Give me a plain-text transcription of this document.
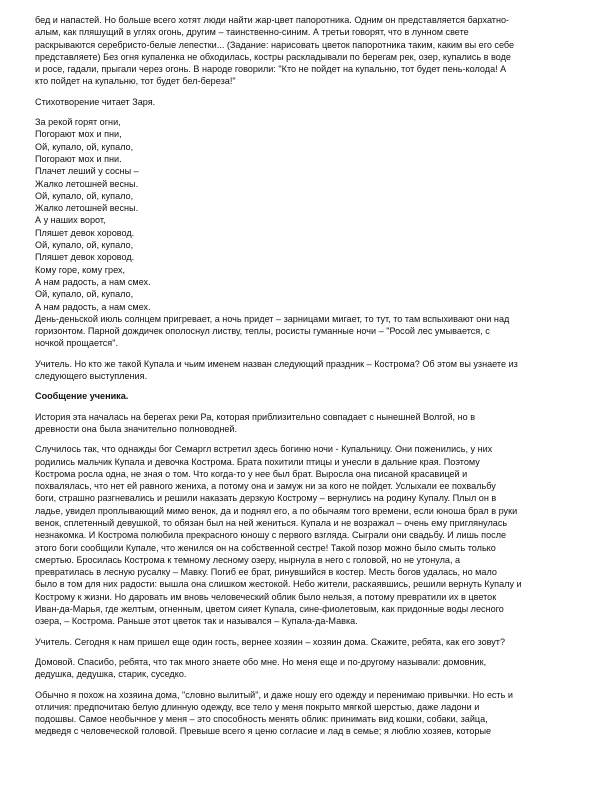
бед и напастей. Но больше всего хотят люди найти жар-цвет папоротника. Одним он представляется бархатно-
алым, как пляшущий в углях огонь, другим – таинственно-синим. А третьи говорят, что в лунном свете
раскрываются серебристо-белые лепестки... (Задание: нарисовать цветок папоротника таким, каким вы его себе
представляете) Без огня купаленка не обходилась, костры раскладывали по берегам рек, озер, купались в воде
и росе, гадали, прыгали через огонь. В народе говорили: "Кто не пойдет на купальню, тот будет пень-колода! А
кто пойдет на купальню, тот будет бел-береза!"

Стихотворение читает Заря.

За рекой горят огни,
Погорают мох и пни,
Ой, купало, ой, купало,
Погорают мох и пни.
Плачет леший у сосны –
Жалко летошней весны.
Ой, купало, ой, купало,
Жалко летошней весны.
А у наших ворот,
Пляшет девок хоровод.
Ой, купало, ой, купало,
Пляшет девок хоровод.
Кому горе, кому грех,
А нам радость, а нам смех.
Ой, купало, ой, купало,
А нам радость, а нам смех.

День-деньской июль солнцем пригревает, а ночь придет – зарницами мигает, то тут, то там вспыхивают они над
горизонтом. Парной дождичек ополоснул листву, теплы, росисты гуманные ночи – "Росой лес умывается, с
ночкой прощается".

Учитель. Но кто же такой Купала и чьим именем назван следующий праздник – Кострома? Об этом вы узнаете из
следующего выступления.

Сообщение ученика.

История эта началась на берегах реки Ра, которая приблизительно совпадает с нынешней Волгой, но в
древности она была значительно полноводней.

Случилось так, что однажды бог Семаргл встретил здесь богиню ночи - Купальницу. Они поженились, у них
родились мальчик Купала и девочка Кострома. Брата похитили птицы и унесли в дальние края. Поэтому
Кострома росла одна, не зная о том. Что когда-то у нее был брат. Выросла она писаной красавицей и
похвалялась, что нет ей равного жениха, а потому она и замуж ни за кого не пойдет. Услыхали ее похвальбу
боги, страшно разгневались и решили наказать дерзкую Кострому – вернулись на родину Купалу. Плыл он в
ладье, увидел проплывающий мимо венок, да и поднял его, а по обычаям того времени, если юноша брал в руки
венок, сплетенный девушкой, то обязан был на ней жениться. Купала и не возражал – очень ему приглянулась
незнакомка. И Кострома полюбила прекрасного юношу с первого взгляда. Сыграли они свадьбу. И лишь после
этого боги сообщили Купале, что женился он на собственной сестре! Такой позор можно было смыть только
смертью. Бросилась Кострома к темному лесному озеру, нырнула в него с головой, но не утонула, а
превратилась в лесную русалку – Мавку. Погиб ее брат, ринувшийся в костер. Месть богов удалась, но мало
было в том для них радости: вышла она слишком жестокой. Небо жители, раскаявшись, решили вернуть Купалу и
Кострому к жизни. Но даровать им вновь человеческий облик было нельзя, а потому превратили их в цветок
Иван-да-Марья, где желтым, огненным, цветом сияет Купала, сине-фиолетовым, как придонные воды лесного
озера, – Кострома. Раньше этот цветок так и назывался – Купала-да-Мавка.

Учитель. Сегодня к нам пришел еще один гость, вернее хозяин – хозяин дома. Скажите, ребята, как его зовут?

Домовой. Спасибо, ребята, что так много знаете обо мне. Но меня еще и по-другому называли: домовник,
дедушка, дедушка, старик, суседко.

Обычно я похож на хозяина дома, "словно вылитый", и даже ношу его одежду и перенимаю привычки. Но есть и
отличия: предпочитаю белую длинную одежду, все тело у меня покрыто мягкой шерстью, даже ладони и
подошвы. Самое необычное у меня – это способность менять облик: принимать вид кошки, собаки, зайца,
медведя с человеческой головой. Превыше всего я ценю согласие и лад в семье; я люблю хозяев, которые
